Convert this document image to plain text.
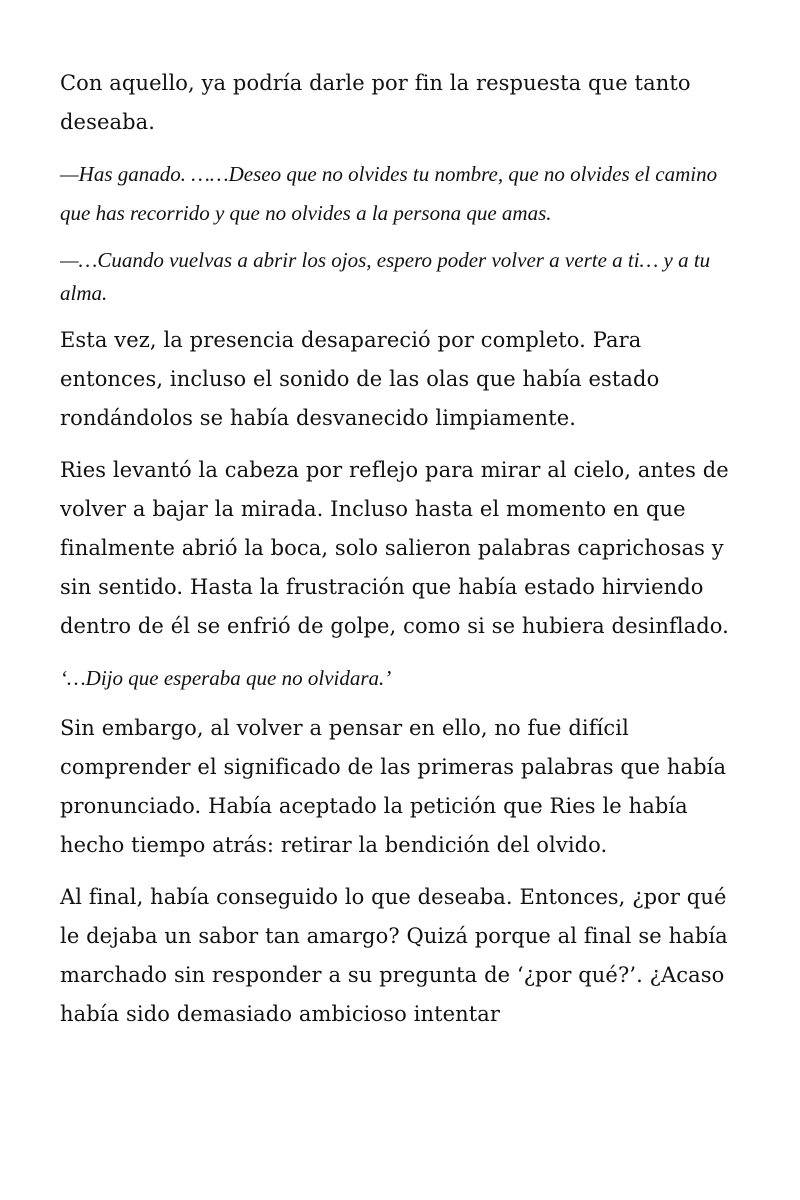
Con aquello, ya podría darle por fin la respuesta que tanto deseaba.

—Has ganado. ……Deseo que no olvides tu nombre, que no olvides el camino que has recorrido y que no olvides a la persona que amas.

—…Cuando vuelvas a abrir los ojos, espero poder volver a verte a ti… y a tu alma.

Esta vez, la presencia desapareció por completo. Para entonces, incluso el sonido de las olas que había estado rondándolos se había desvanecido limpiamente.

Ries levantó la cabeza por reflejo para mirar al cielo, antes de volver a bajar la mirada. Incluso hasta el momento en que finalmente abrió la boca, solo salieron palabras caprichosas y sin sentido. Hasta la frustración que había estado hirviendo dentro de él se enfrió de golpe, como si se hubiera desinflado.

‘…Dijo que esperaba que no olvidara.’

Sin embargo, al volver a pensar en ello, no fue difícil comprender el significado de las primeras palabras que había pronunciado. Había aceptado la petición que Ries le había hecho tiempo atrás: retirar la bendición del olvido.

Al final, había conseguido lo que deseaba. Entonces, ¿por qué le dejaba un sabor tan amargo? Quizá porque al final se había marchado sin responder a su pregunta de ‘¿por qué?’. ¿Acaso había sido demasiado ambicioso intentar
